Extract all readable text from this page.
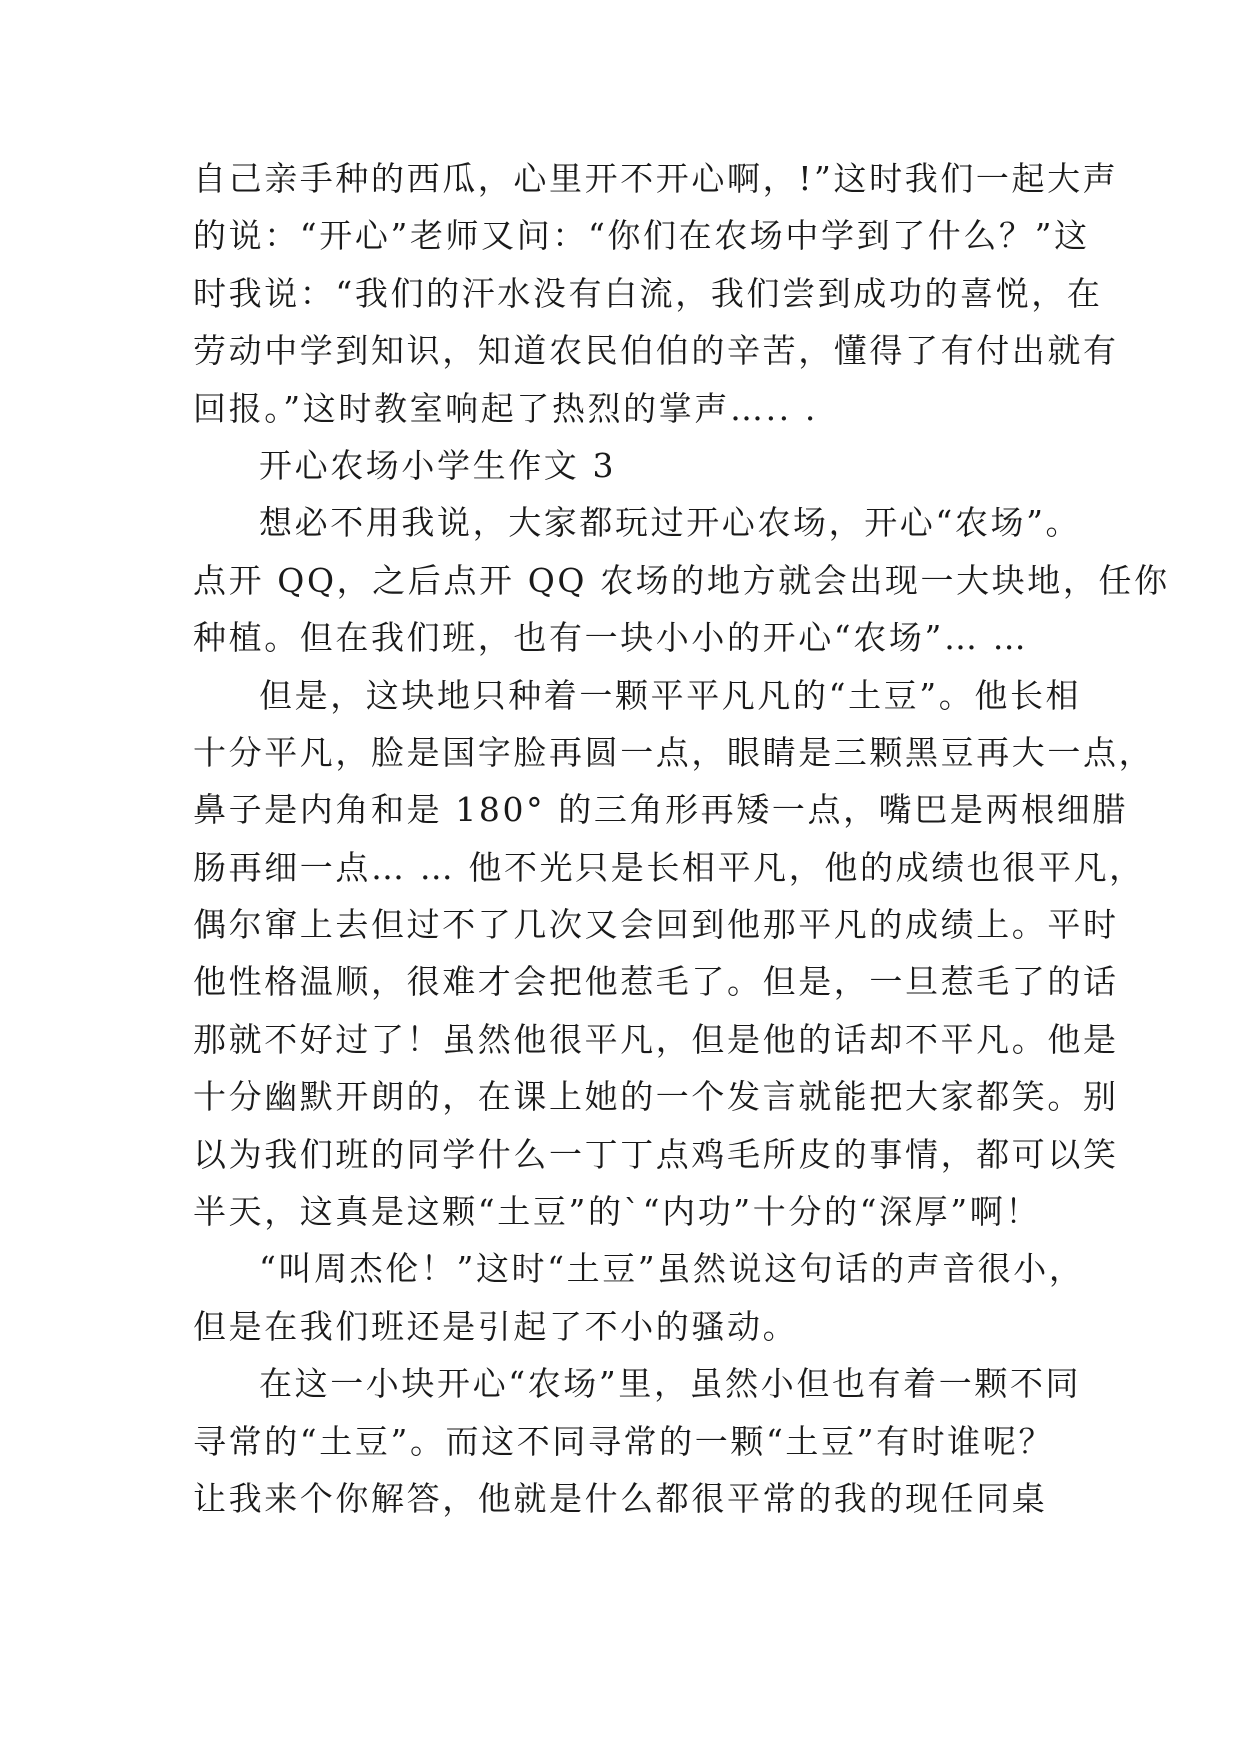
自己亲手种的西瓜，心里开不开心啊，!”这时我们一起大声
的说：“开心”老师又问：“你们在农场中学到了什么？”这
时我说：“我们的汗水没有白流，我们尝到成功的喜悦，在
劳动中学到知识，知道农民伯伯的辛苦，懂得了有付出就有
回报。”这时教室响起了热烈的掌声….. .
开心农场小学生作文 3
想必不用我说，大家都玩过开心农场，开心“农场”。
点开 QQ，之后点开 QQ 农场的地方就会出现一大块地，任你
种植。但在我们班，也有一块小小的开心“农场”… …
但是，这块地只种着一颗平平凡凡的“土豆”。他长相
十分平凡，脸是国字脸再圆一点，眼睛是三颗黑豆再大一点，
鼻子是内角和是 180° 的三角形再矮一点，嘴巴是两根细腊
肠再细一点… … 他不光只是长相平凡，他的成绩也很平凡，
偶尔窜上去但过不了几次又会回到他那平凡的成绩上。平时
他性格温顺，很难才会把他惹毛了。但是，一旦惹毛了的话
那就不好过了！虽然他很平凡，但是他的话却不平凡。他是
十分幽默开朗的，在课上她的一个发言就能把大家都笑。别
以为我们班的同学什么一丁丁点鸡毛所皮的事情，都可以笑
半天，这真是这颗“土豆”的`“内功”十分的“深厚”啊！
“叫周杰伦！”这时“土豆”虽然说这句话的声音很小，
但是在我们班还是引起了不小的骚动。
在这一小块开心“农场”里，虽然小但也有着一颗不同
寻常的“土豆”。而这不同寻常的一颗“土豆”有时谁呢？
让我来个你解答，他就是什么都很平常的我的现任同桌
